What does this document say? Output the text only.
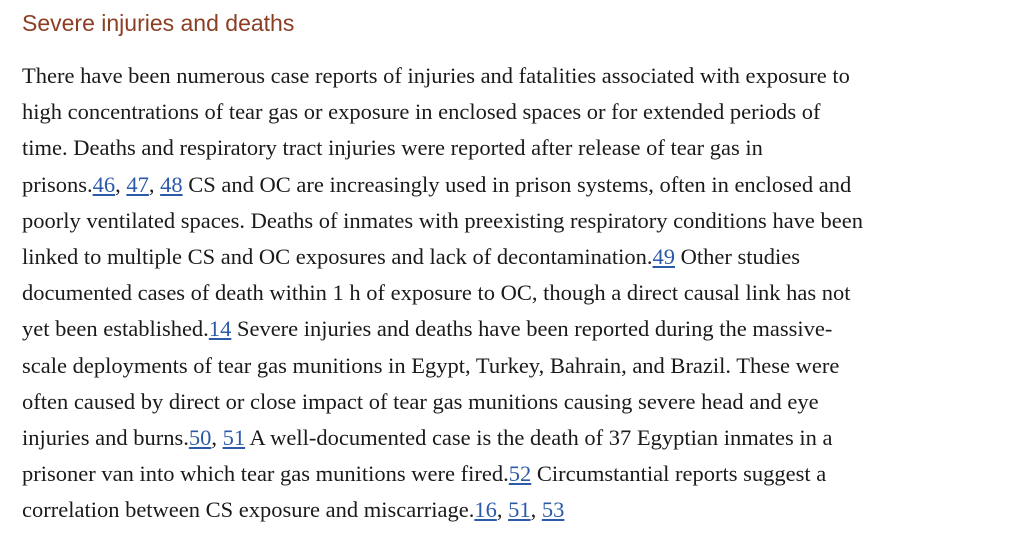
Severe injuries and deaths

There have been numerous case reports of injuries and fatalities associated with exposure to
high concentrations of tear gas or exposure in enclosed spaces or for extended periods of
time. Deaths and respiratory tract injuries were reported after release of tear gas in
prisons.46, 47, 48 CS and OC are increasingly used in prison systems, often in enclosed and
poorly ventilated spaces. Deaths of inmates with preexisting respiratory conditions have been
linked to multiple CS and OC exposures and lack of decontamination.49 Other studies
documented cases of death within 1 h of exposure to OC, though a direct causal link has not
yet been established.14 Severe injuries and deaths have been reported during the massive-
scale deployments of tear gas munitions in Egypt, Turkey, Bahrain, and Brazil. These were
often caused by direct or close impact of tear gas munitions causing severe head and eye
injuries and burns.50, 51 A well-documented case is the death of 37 Egyptian inmates in a
prisoner van into which tear gas munitions were fired.52 Circumstantial reports suggest a
correlation between CS exposure and miscarriage.16, 51, 53
